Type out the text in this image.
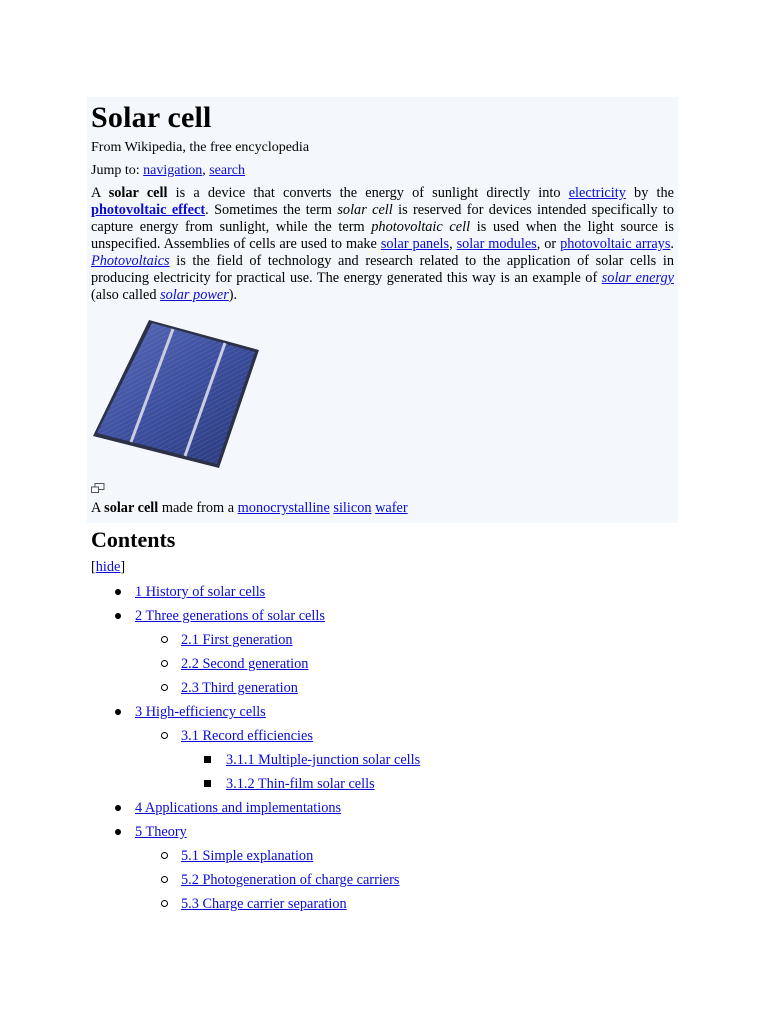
Solar cell
From Wikipedia, the free encyclopedia
Jump to: navigation, search
A solar cell is a device that converts the energy of sunlight directly into electricity by the photovoltaic effect. Sometimes the term solar cell is reserved for devices intended specifically to capture energy from sunlight, while the term photovoltaic cell is used when the light source is unspecified. Assemblies of cells are used to make solar panels, solar modules, or photovoltaic arrays. Photovoltaics is the field of technology and research related to the application of solar cells in producing electricity for practical use. The energy generated this way is an example of solar energy (also called solar power).
A solar cell made from a monocrystalline silicon wafer
Contents
[hide]
1 History of solar cells
2 Three generations of solar cells
2.1 First generation
2.2 Second generation
2.3 Third generation
3 High-efficiency cells
3.1 Record efficiencies
3.1.1 Multiple-junction solar cells
3.1.2 Thin-film solar cells
4 Applications and implementations
5 Theory
5.1 Simple explanation
5.2 Photogeneration of charge carriers
5.3 Charge carrier separation
